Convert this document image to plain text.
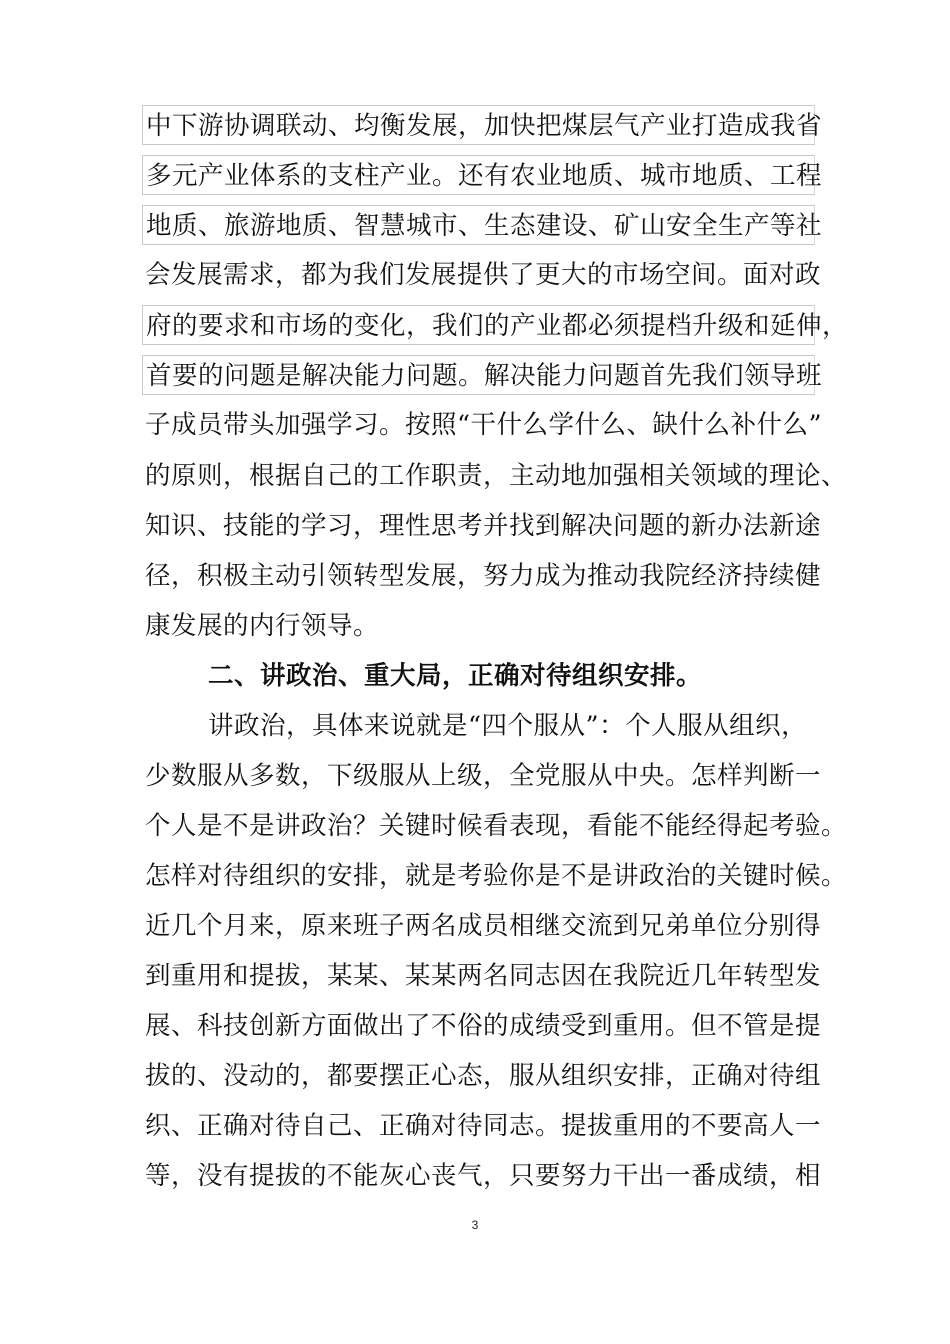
中下游协调联动、均衡发展，加快把煤层气产业打造成我省
多元产业体系的支柱产业。还有农业地质、城市地质、工程
地质、旅游地质、智慧城市、生态建设、矿山安全生产等社
会发展需求，都为我们发展提供了更大的市场空间。面对政
府的要求和市场的变化，我们的产业都必须提档升级和延伸，
首要的问题是解决能力问题。解决能力问题首先我们领导班
子成员带头加强学习。按照“干什么学什么、缺什么补什么”
的原则，根据自己的工作职责，主动地加强相关领域的理论、
知识、技能的学习，理性思考并找到解决问题的新办法新途
径，积极主动引领转型发展，努力成为推动我院经济持续健
康发展的内行领导。
二、讲政治、重大局，正确对待组织安排。
讲政治，具体来说就是“四个服从”：个人服从组织，
少数服从多数，下级服从上级，全党服从中央。怎样判断一
个人是不是讲政治？关键时候看表现，看能不能经得起考验。
怎样对待组织的安排，就是考验你是不是讲政治的关键时候。
近几个月来，原来班子两名成员相继交流到兄弟单位分别得
到重用和提拔，某某、某某两名同志因在我院近几年转型发
展、科技创新方面做出了不俗的成绩受到重用。但不管是提
拔的、没动的，都要摆正心态，服从组织安排，正确对待组
织、正确对待自己、正确对待同志。提拔重用的不要高人一
等，没有提拔的不能灰心丧气，只要努力干出一番成绩，相
3
